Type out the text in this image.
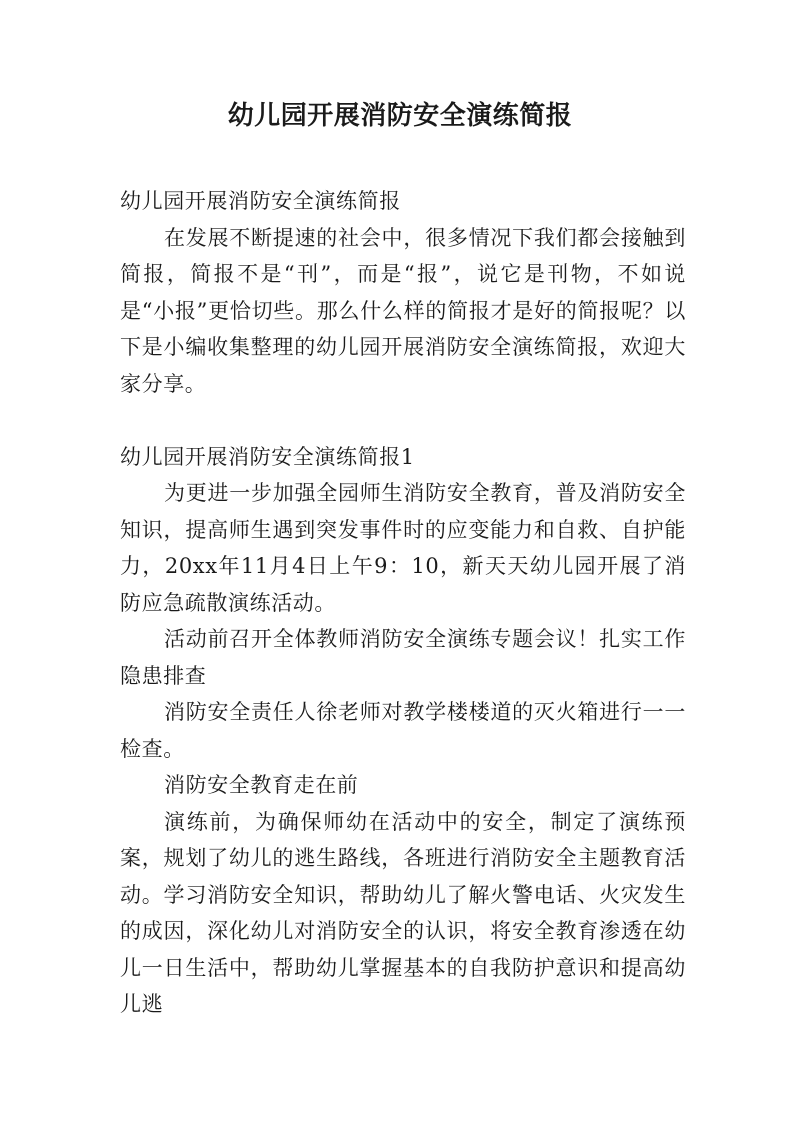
幼儿园开展消防安全演练简报

幼儿园开展消防安全演练简报

在发展不断提速的社会中，很多情况下我们都会接触到简报，简报不是“刊”，而是“报”，说它是刊物，不如说是“小报”更恰切些。那么什么样的简报才是好的简报呢？以下是小编收集整理的幼儿园开展消防安全演练简报，欢迎大家分享。

幼儿园开展消防安全演练简报1

为更进一步加强全园师生消防安全教育，普及消防安全知识，提高师生遇到突发事件时的应变能力和自救、自护能力，20xx年11月4日上午9：10，新天天幼儿园开展了消防应急疏散演练活动。

活动前召开全体教师消防安全演练专题会议！扎实工作隐患排查

消防安全责任人徐老师对教学楼楼道的灭火箱进行一一检查。

消防安全教育走在前

演练前，为确保师幼在活动中的安全，制定了演练预案，规划了幼儿的逃生路线，各班进行消防安全主题教育活动。学习消防安全知识，帮助幼儿了解火警电话、火灾发生的成因，深化幼儿对消防安全的认识，将安全教育渗透在幼儿一日生活中，帮助幼儿掌握基本的自我防护意识和提高幼儿逃
